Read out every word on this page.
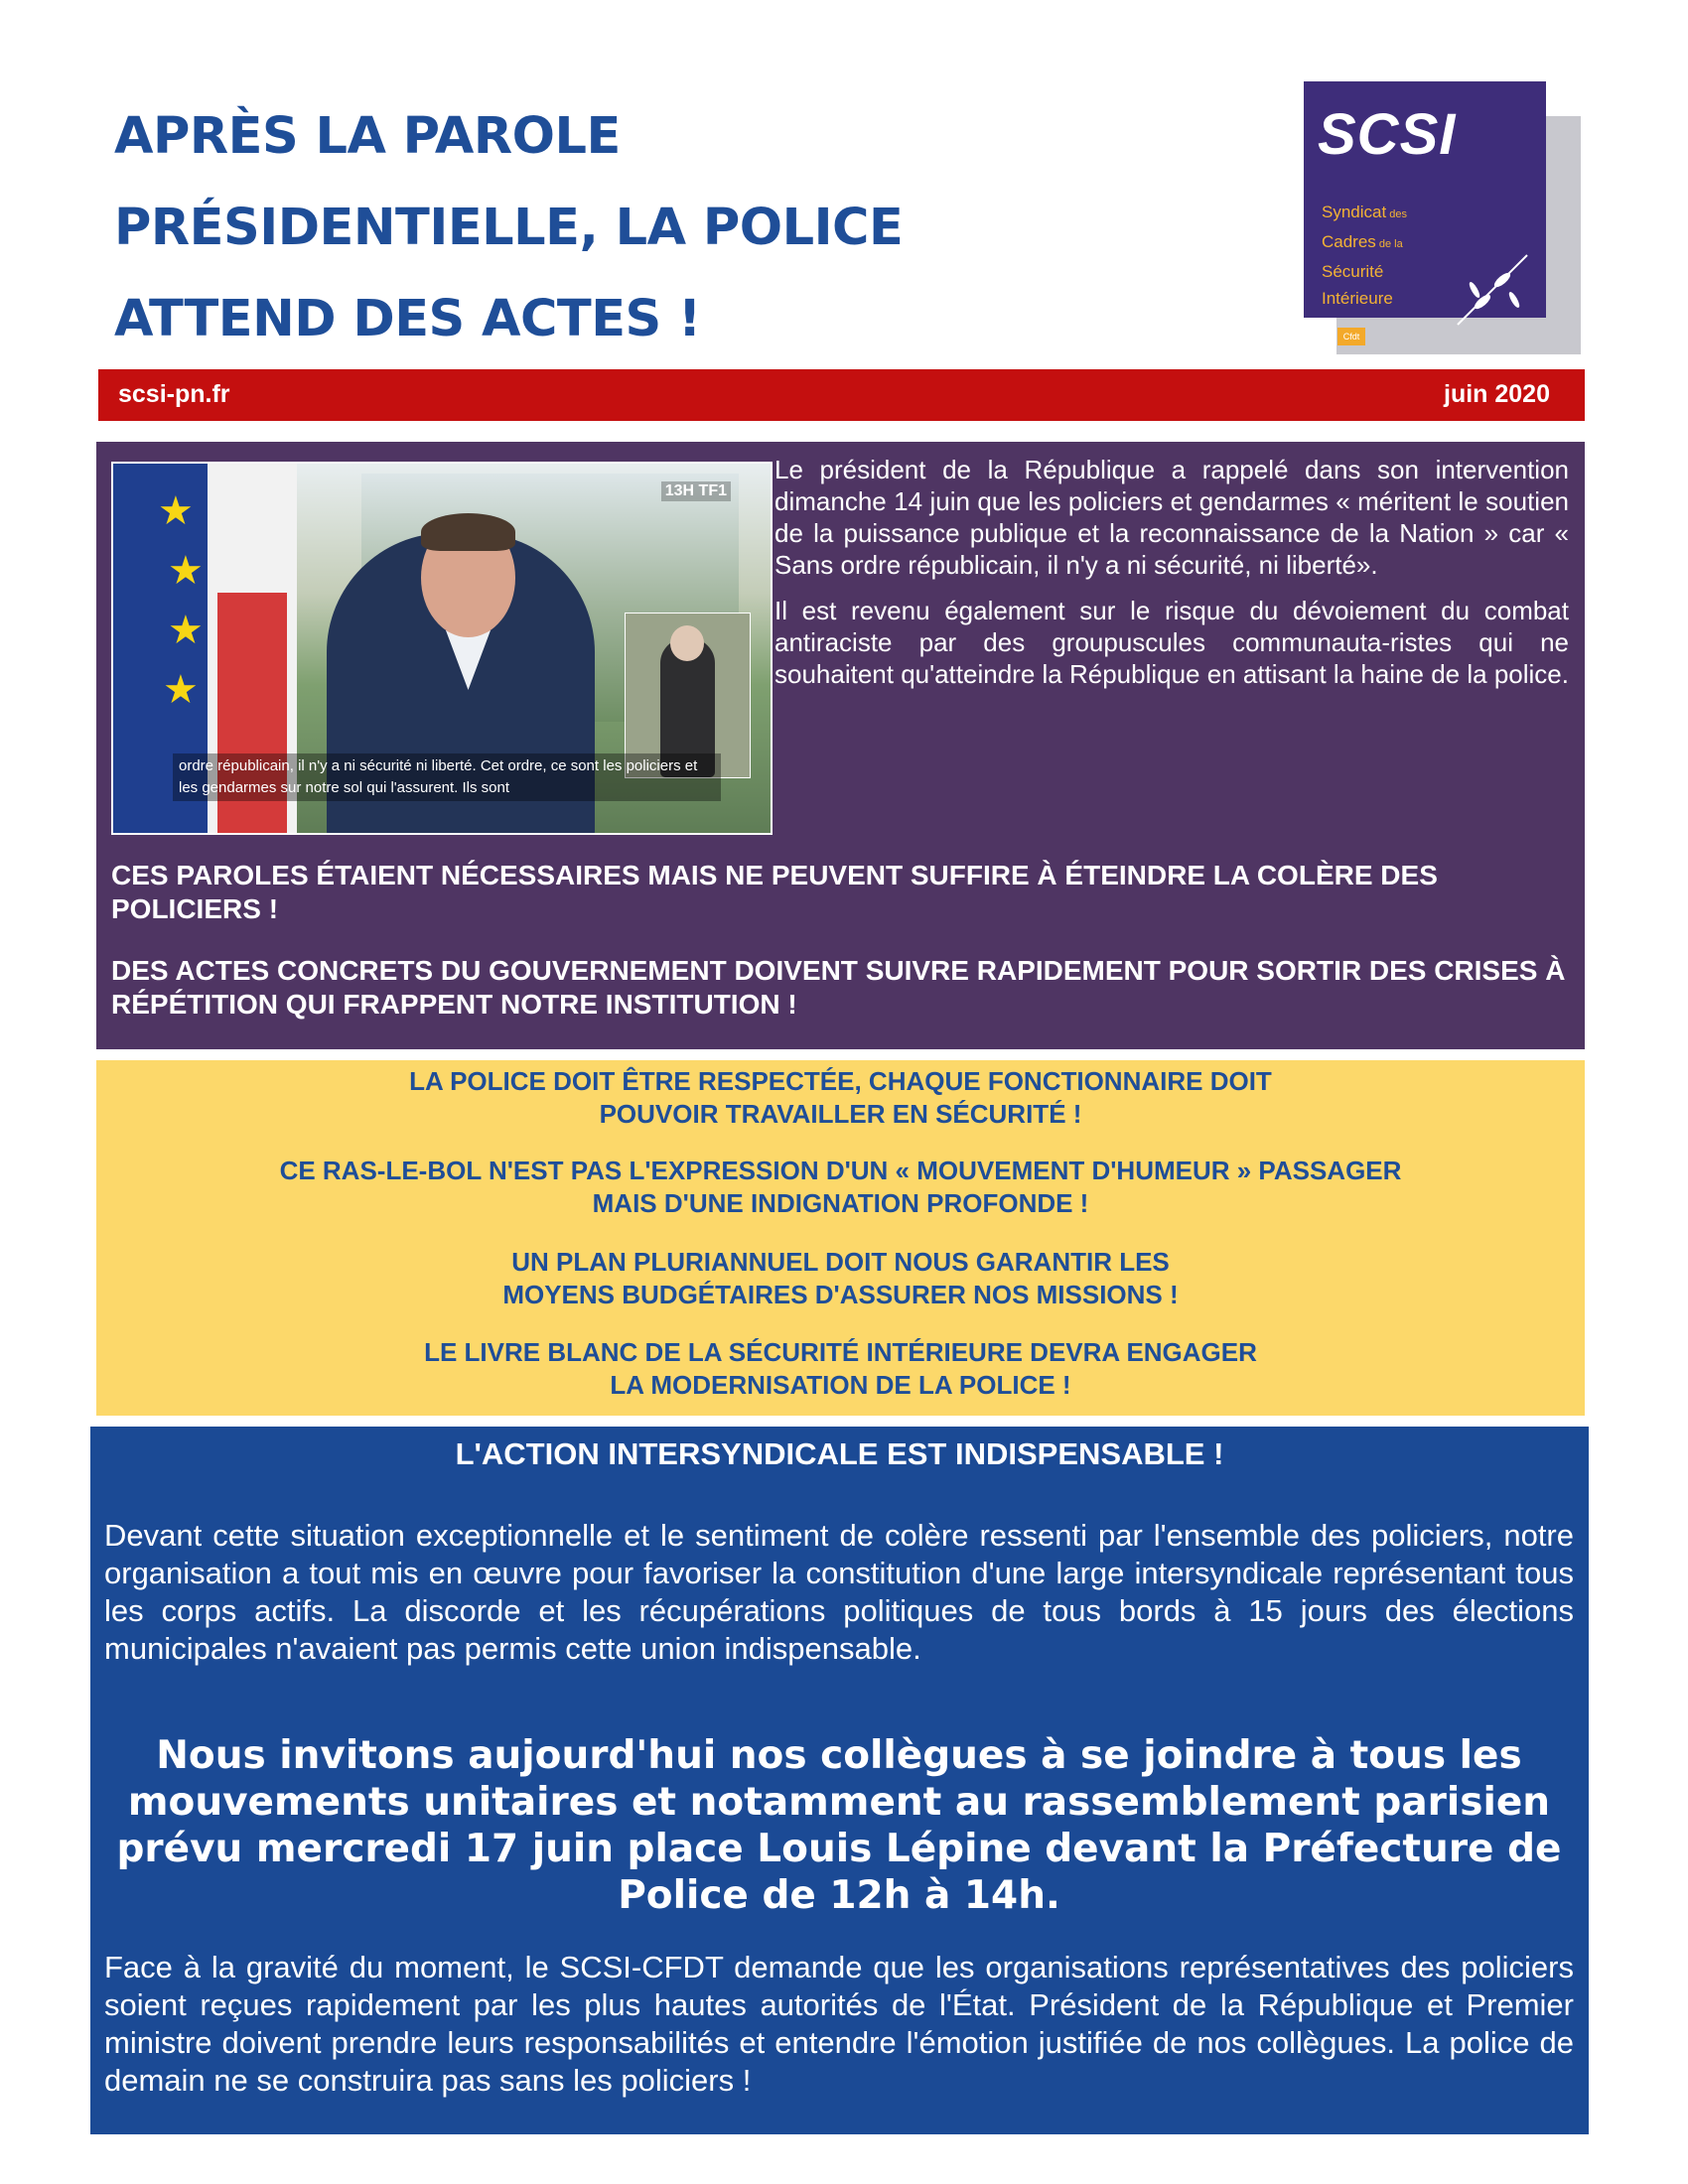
APRÈS LA PAROLE
PRÉSIDENTIELLE, LA POLICE
ATTEND DES ACTES !
SCSI
Syndicat des
Cadres de la
Sécurité
Intérieure
Cfdt
scsi-pn.fr	juin 2020
★
★
★
★
13H TF1
ordre républicain, il n'y a ni sécurité ni liberté. Cet ordre, ce sont les policiers et les gendarmes sur notre sol qui l'assurent. Ils sont

Le président de la République a rappelé dans son intervention dimanche 14 juin que les policiers et gendarmes « méritent le soutien de la puissance publique et la reconnaissance de la Nation » car « Sans ordre républicain, il n'y a ni sécurité, ni liberté».

Il est revenu également sur le risque du dévoiement du combat antiraciste par des groupuscules communauta-ristes qui ne souhaitent qu'atteindre la République en attisant la haine de la police.

CES PAROLES ÉTAIENT NÉCESSAIRES MAIS NE PEUVENT SUFFIRE À ÉTEINDRE LA COLÈRE DES POLICIERS !

DES ACTES CONCRETS DU GOUVERNEMENT DOIVENT SUIVRE RAPIDEMENT POUR SORTIR DES CRISES À RÉPÉTITION QUI FRAPPENT NOTRE INSTITUTION !

LA POLICE DOIT ÊTRE RESPECTÉE, CHAQUE FONCTIONNAIRE DOIT
POUVOIR TRAVAILLER EN SÉCURITÉ !

CE RAS-LE-BOL N'EST PAS L'EXPRESSION D'UN « MOUVEMENT D'HUMEUR » PASSAGER
MAIS D'UNE INDIGNATION PROFONDE !

UN PLAN PLURIANNUEL DOIT NOUS GARANTIR LES
MOYENS BUDGÉTAIRES D'ASSURER NOS MISSIONS !

LE LIVRE BLANC DE LA SÉCURITÉ INTÉRIEURE DEVRA ENGAGER
LA MODERNISATION DE LA POLICE !

L'ACTION INTERSYNDICALE EST INDISPENSABLE !
Devant cette situation exceptionnelle et le sentiment de colère ressenti par l'ensemble des policiers, notre organisation a tout mis en œuvre pour favoriser la constitution d'une large intersyndicale représentant tous les corps actifs. La discorde et les récupérations politiques de tous bords à 15 jours des élections municipales n'avaient pas permis cette union indispensable.
Nous invitons aujourd'hui nos collègues à se joindre à tous les mouvements unitaires et notamment au rassemblement parisien prévu mercredi 17 juin place Louis Lépine devant la Préfecture de Police de 12h à 14h.
Face à la gravité du moment, le SCSI-CFDT demande que les organisations représentatives des policiers soient reçues rapidement par les plus hautes autorités de l'État. Président de la République et Premier ministre doivent prendre leurs responsabilités et entendre l'émotion justifiée de nos collègues. La police de demain ne se construira pas sans les policiers !
